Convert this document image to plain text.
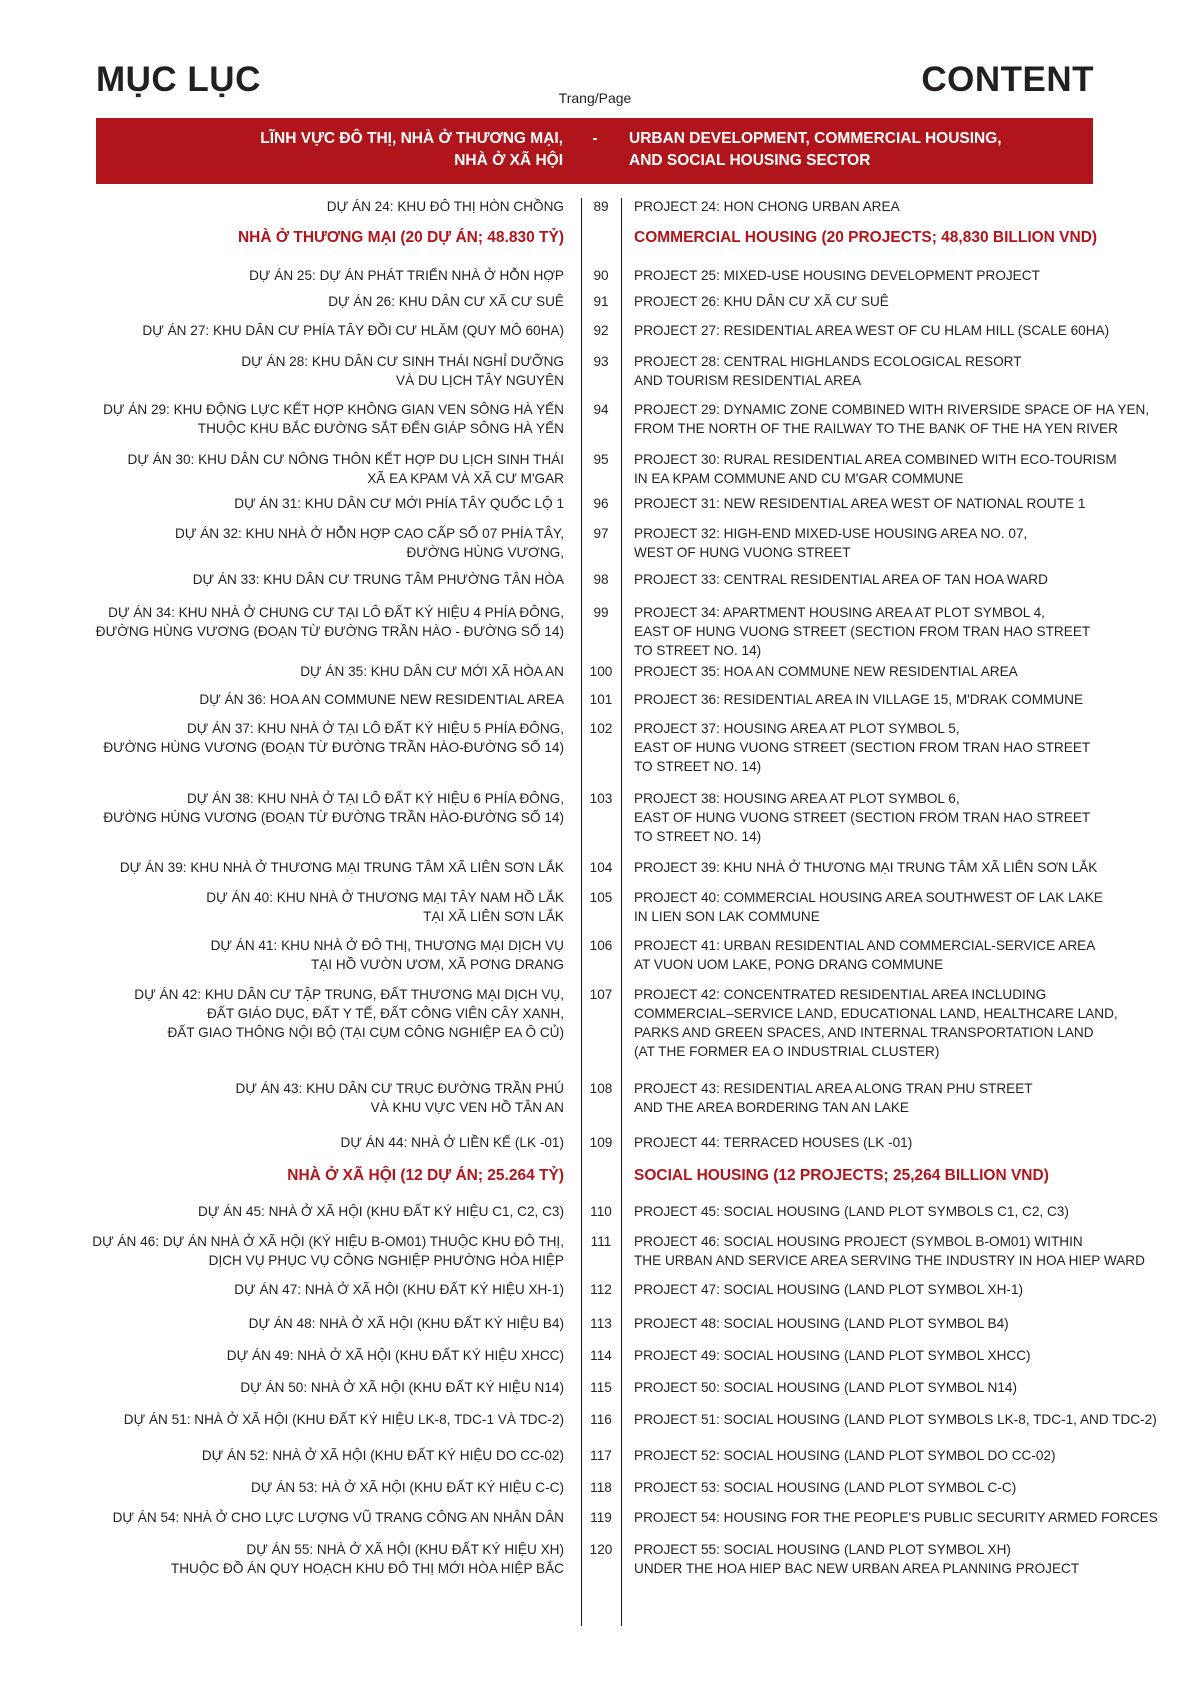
MỤC LỤC	Trang/Page	CONTENT
LĨNH VỰC ĐÔ THỊ, NHÀ Ở THƯƠNG MẠI,
NHÀ Ở XÃ HỘI
-	URBAN DEVELOPMENT, COMMERCIAL HOUSING,
AND SOCIAL HOUSING SECTOR
DỰ ÁN 24: KHU ĐÔ THỊ HÒN CHỒNG	89	PROJECT 24: HON CHONG URBAN AREA
NHÀ Ở THƯƠNG MẠI (20 DỰ ÁN; 48.830 TỶ)	COMMERCIAL HOUSING (20 PROJECTS; 48,830 BILLION VND)
DỰ ÁN 25: DỰ ÁN PHÁT TRIỂN NHÀ Ở HỖN HỢP	90	PROJECT 25: MIXED-USE HOUSING DEVELOPMENT PROJECT
DỰ ÁN 26: KHU DÂN CƯ XÃ CƯ SUÊ	91	PROJECT 26: KHU DÂN CƯ XÃ CƯ SUÊ
DỰ ÁN 27: KHU DÂN CƯ PHÍA TÂY ĐỒI CƯ HLĂM (QUY MÔ 60HA)	92	PROJECT 27: RESIDENTIAL AREA WEST OF CU HLAM HILL (SCALE 60HA)
DỰ ÁN 28: KHU DÂN CƯ SINH THÁI NGHỈ DƯỠNG
VÀ DU LỊCH TÂY NGUYÊN
93	PROJECT 28: CENTRAL HIGHLANDS ECOLOGICAL RESORT
AND TOURISM RESIDENTIAL AREA
DỰ ÁN 29: KHU ĐỘNG LỰC KẾT HỢP KHÔNG GIAN VEN SÔNG HÀ YẾN
THUỘC KHU BẮC ĐƯỜNG SẮT ĐẾN GIÁP SÔNG HÀ YẾN
94	PROJECT 29: DYNAMIC ZONE COMBINED WITH RIVERSIDE SPACE OF HA YEN,
FROM THE NORTH OF THE RAILWAY TO THE BANK OF THE HA YEN RIVER
DỰ ÁN 30: KHU DÂN CƯ NÔNG THÔN KẾT HỢP DU LỊCH SINH THÁI
XÃ EA KPAM VÀ XÃ CƯ M'GAR
95	PROJECT 30: RURAL RESIDENTIAL AREA COMBINED WITH ECO-TOURISM
IN EA KPAM COMMUNE AND CU M'GAR COMMUNE
DỰ ÁN 31: KHU DÂN CƯ MỚI PHÍA TÂY QUỐC LỘ 1	96	PROJECT 31: NEW RESIDENTIAL AREA WEST OF NATIONAL ROUTE 1
DỰ ÁN 32: KHU NHÀ Ở HỖN HỢP CAO CẤP SỐ 07 PHÍA TÂY,
ĐƯỜNG HÙNG VƯƠNG,
97	PROJECT 32: HIGH-END MIXED-USE HOUSING AREA NO. 07,
WEST OF HUNG VUONG STREET
DỰ ÁN 33: KHU DÂN CƯ TRUNG TÂM PHƯỜNG TÂN HÒA	98	PROJECT 33: CENTRAL RESIDENTIAL AREA OF TAN HOA WARD
DỰ ÁN 34: KHU NHÀ Ở CHUNG CƯ TẠI LÔ ĐẤT KÝ HIỆU 4 PHÍA ĐÔNG,
ĐƯỜNG HÙNG VƯƠNG (ĐOẠN TỪ ĐƯỜNG TRẦN HÀO - ĐƯỜNG SỐ 14)
99	PROJECT 34: APARTMENT HOUSING AREA AT PLOT SYMBOL 4,
EAST OF HUNG VUONG STREET (SECTION FROM TRAN HAO STREET
TO STREET NO. 14)
DỰ ÁN 35: KHU DÂN CƯ MỚI XÃ HÒA AN	100	PROJECT 35: HOA AN COMMUNE NEW RESIDENTIAL AREA
DỰ ÁN 36: HOA AN COMMUNE NEW RESIDENTIAL AREA	101	PROJECT 36: RESIDENTIAL AREA IN VILLAGE 15, M'DRAK COMMUNE
DỰ ÁN 37: KHU NHÀ Ở TẠI LÔ ĐẤT KÝ HIỆU 5 PHÍA ĐÔNG,
ĐƯỜNG HÙNG VƯƠNG (ĐOẠN TỪ ĐƯỜNG TRẦN HÀO-ĐƯỜNG SỐ 14)
102	PROJECT 37: HOUSING AREA AT PLOT SYMBOL 5,
EAST OF HUNG VUONG STREET (SECTION FROM TRAN HAO STREET
TO STREET NO. 14)
DỰ ÁN 38: KHU NHÀ Ở TẠI LÔ ĐẤT KÝ HIỆU 6 PHÍA ĐÔNG,
ĐƯỜNG HÙNG VƯƠNG (ĐOẠN TỪ ĐƯỜNG TRẦN HÀO-ĐƯỜNG SỐ 14)
103	PROJECT 38: HOUSING AREA AT PLOT SYMBOL 6,
EAST OF HUNG VUONG STREET (SECTION FROM TRAN HAO STREET
TO STREET NO. 14)
DỰ ÁN 39: KHU NHÀ Ở THƯƠNG MẠI TRUNG TÂM XÃ LIÊN SƠN LẮK	104	PROJECT 39: KHU NHÀ Ở THƯƠNG MẠI TRUNG TÂM XÃ LIÊN SƠN LẮK
DỰ ÁN 40: KHU NHÀ Ở THƯƠNG MẠI TÂY NAM HỒ LẮK
TẠI XÃ LIÊN SƠN LẮK
105	PROJECT 40: COMMERCIAL HOUSING AREA SOUTHWEST OF LAK LAKE
IN LIEN SON LAK COMMUNE
DỰ ÁN 41: KHU NHÀ Ở ĐÔ THỊ, THƯƠNG MẠI DỊCH VỤ
TẠI HỒ VƯỜN ƯƠM, XÃ PƠNG DRANG
106	PROJECT 41: URBAN RESIDENTIAL AND COMMERCIAL-SERVICE AREA
AT VUON UOM LAKE, PONG DRANG COMMUNE
DỰ ÁN 42: KHU DÂN CƯ TẬP TRUNG, ĐẤT THƯƠNG MẠI DỊCH VỤ,
ĐẤT GIÁO DỤC, ĐẤT Y TẾ, ĐẤT CÔNG VIÊN CÂY XANH,
ĐẤT GIAO THÔNG NỘI BỘ (TẠI CỤM CÔNG NGHIỆP EA Ô CỦ)
107	PROJECT 42: CONCENTRATED RESIDENTIAL AREA INCLUDING
COMMERCIAL–SERVICE LAND, EDUCATIONAL LAND, HEALTHCARE LAND,
PARKS AND GREEN SPACES, AND INTERNAL TRANSPORTATION LAND
(AT THE FORMER EA O INDUSTRIAL CLUSTER)
DỰ ÁN 43: KHU DÂN CƯ TRỤC ĐƯỜNG TRẦN PHÚ
VÀ KHU VỰC VEN HỒ TÂN AN
108	PROJECT 43: RESIDENTIAL AREA ALONG TRAN PHU STREET
AND THE AREA BORDERING TAN AN LAKE
DỰ ÁN 44: NHÀ Ở LIỀN KẾ (LK -01)	109	PROJECT 44: TERRACED HOUSES (LK -01)
NHÀ Ở XÃ HỘI (12 DỰ ÁN; 25.264 TỶ)	SOCIAL HOUSING (12 PROJECTS; 25,264 BILLION VND)
DỰ ÁN 45: NHÀ Ở XÃ HỘI (KHU ĐẤT KÝ HIỆU C1, C2, C3)	110	PROJECT 45: SOCIAL HOUSING (LAND PLOT SYMBOLS C1, C2, C3)
DỰ ÁN 46: DỰ ÁN NHÀ Ở XÃ HỘI (KÝ HIỆU B-OM01) THUỘC KHU ĐÔ THỊ,
DỊCH VỤ PHỤC VỤ CÔNG NGHIỆP PHƯỜNG HÒA HIỆP
111	PROJECT 46: SOCIAL HOUSING PROJECT (SYMBOL B-OM01) WITHIN
THE URBAN AND SERVICE AREA SERVING THE INDUSTRY IN HOA HIEP WARD
DỰ ÁN 47: NHÀ Ở XÃ HỘI (KHU ĐẤT KÝ HIỆU XH-1)	112	PROJECT 47: SOCIAL HOUSING (LAND PLOT SYMBOL XH-1)
DỰ ÁN 48: NHÀ Ở XÃ HỘI (KHU ĐẤT KÝ HIỆU B4)	113	PROJECT 48: SOCIAL HOUSING (LAND PLOT SYMBOL B4)
DỰ ÁN 49: NHÀ Ở XÃ HỘI (KHU ĐẤT KÝ HIỆU XHCC)	114	PROJECT 49: SOCIAL HOUSING (LAND PLOT SYMBOL XHCC)
DỰ ÁN 50: NHÀ Ở XÃ HỘI (KHU ĐẤT KÝ HIỆU N14)	115	PROJECT 50: SOCIAL HOUSING (LAND PLOT SYMBOL N14)
DỰ ÁN 51: NHÀ Ở XÃ HỘI (KHU ĐẤT KÝ HIỆU LK-8, TDC-1 VÀ TDC-2)	116	PROJECT 51: SOCIAL HOUSING (LAND PLOT SYMBOLS LK-8, TDC-1, AND TDC-2)
DỰ ÁN 52: NHÀ Ở XÃ HỘI (KHU ĐẤT KÝ HIỆU DO CC-02)	117	PROJECT 52: SOCIAL HOUSING (LAND PLOT SYMBOL DO CC-02)
DỰ ÁN 53: HÀ Ở XÃ HỘI (KHU ĐẤT KÝ HIỆU C-C)	118	PROJECT 53: SOCIAL HOUSING (LAND PLOT SYMBOL C-C)
DỰ ÁN 54: NHÀ Ở CHO LỰC LƯỢNG VŨ TRANG CÔNG AN NHÂN DÂN	119	PROJECT 54: HOUSING FOR THE PEOPLE'S PUBLIC SECURITY ARMED FORCES
DỰ ÁN 55: NHÀ Ở XÃ HỘI (KHU ĐẤT KÝ HIỆU XH)
THUỘC ĐỒ ÁN QUY HOẠCH KHU ĐÔ THỊ MỚI HÒA HIỆP BẮC
120	PROJECT 55: SOCIAL HOUSING (LAND PLOT SYMBOL XH)
UNDER THE HOA HIEP BAC NEW URBAN AREA PLANNING PROJECT
